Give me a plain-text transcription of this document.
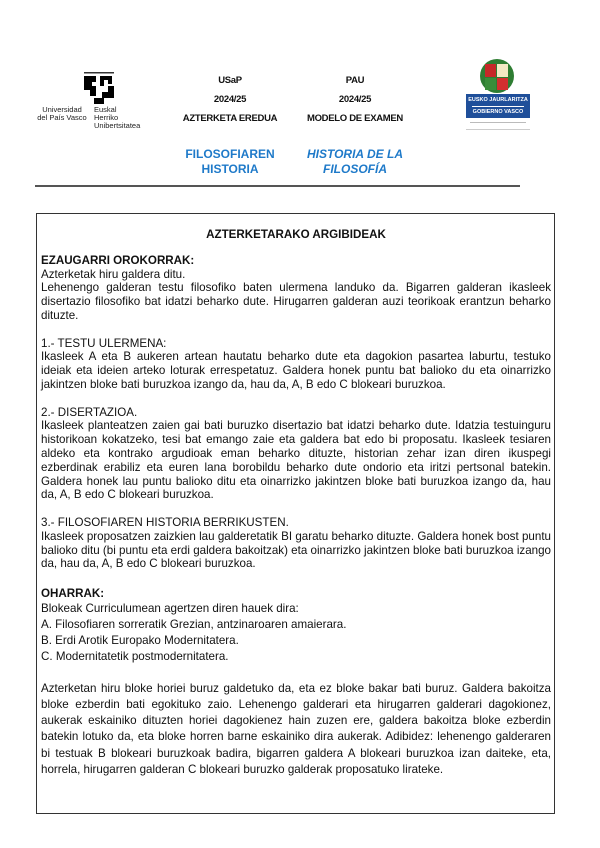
Universidad
del País Vasco
Euskal Herriko
Unibertsitatea
USaP
2024/25
AZTERKETA EREDUA
PAU
2024/25
MODELO DE EXAMEN
FILOSOFIAREN
HISTORIA
HISTORIA DE LA
FILOSOFÍA
EUSKO JAURLARITZA
GOBIERNO VASCO

AZTERKETARAKO ARGIBIDEAK

EZAUGARRI OROKORRAK:

Azterketak hiru galdera ditu.

Lehenengo galderan testu filosofiko baten ulermena landuko da. Bigarren galderan ikasleek disertazio filosofiko bat idatzi beharko dute. Hirugarren galderan auzi teorikoak erantzun beharko dituzte.

1.- TESTU ULERMENA:

Ikasleek A eta B aukeren artean hautatu beharko dute eta dagokion pasartea laburtu, testuko ideiak eta ideien arteko loturak errespetatuz. Galdera honek puntu bat balioko du eta oinarrizko jakintzen bloke bati buruzkoa izango da, hau da, A, B edo C blokeari buruzkoa.

2.- DISERTAZIOA.

Ikasleek planteatzen zaien gai bati buruzko disertazio bat idatzi beharko dute. Idatzia testuinguru historikoan kokatzeko, tesi bat emango zaie eta galdera bat edo bi proposatu. Ikasleek tesiaren aldeko eta kontrako argudioak eman beharko dituzte, historian zehar izan diren ikuspegi ezberdinak erabiliz eta euren lana borobildu beharko dute ondorio eta iritzi pertsonal batekin. Galdera honek lau puntu balioko ditu eta oinarrizko jakintzen bloke bati buruzkoa izango da, hau da, A, B edo C blokeari buruzkoa.

3.- FILOSOFIAREN HISTORIA BERRIKUSTEN.

Ikasleek proposatzen zaizkien lau galderetatik BI garatu beharko dituzte. Galdera honek bost puntu balioko ditu (bi puntu eta erdi galdera bakoitzak) eta oinarrizko jakintzen bloke bati buruzkoa izango da, hau da, A, B edo C blokeari buruzkoa.

OHARRAK:

Blokeak Curriculumean agertzen diren hauek dira:

A. Filosofiaren sorreratik Grezian, antzinaroaren amaierara.

B. Erdi Arotik Europako Modernitatera.

C. Modernitatetik postmodernitatera.

Azterketan hiru bloke horiei buruz galdetuko da, eta ez bloke bakar bati buruz. Galdera bakoitza bloke ezberdin bati egokituko zaio. Lehenengo galderari eta hirugarren galderari dagokionez, aukerak eskainiko dituzten horiei dagokienez hain zuzen ere, galdera bakoitza bloke ezberdin batekin lotuko da, eta bloke horren barne eskainiko dira aukerak. Adibidez: lehenengo galderaren bi testuak B blokeari buruzkoak badira, bigarren galdera A blokeari buruzkoa izan daiteke, eta, horrela, hirugarren galderan C blokeari buruzko galderak proposatuko lirateke.
